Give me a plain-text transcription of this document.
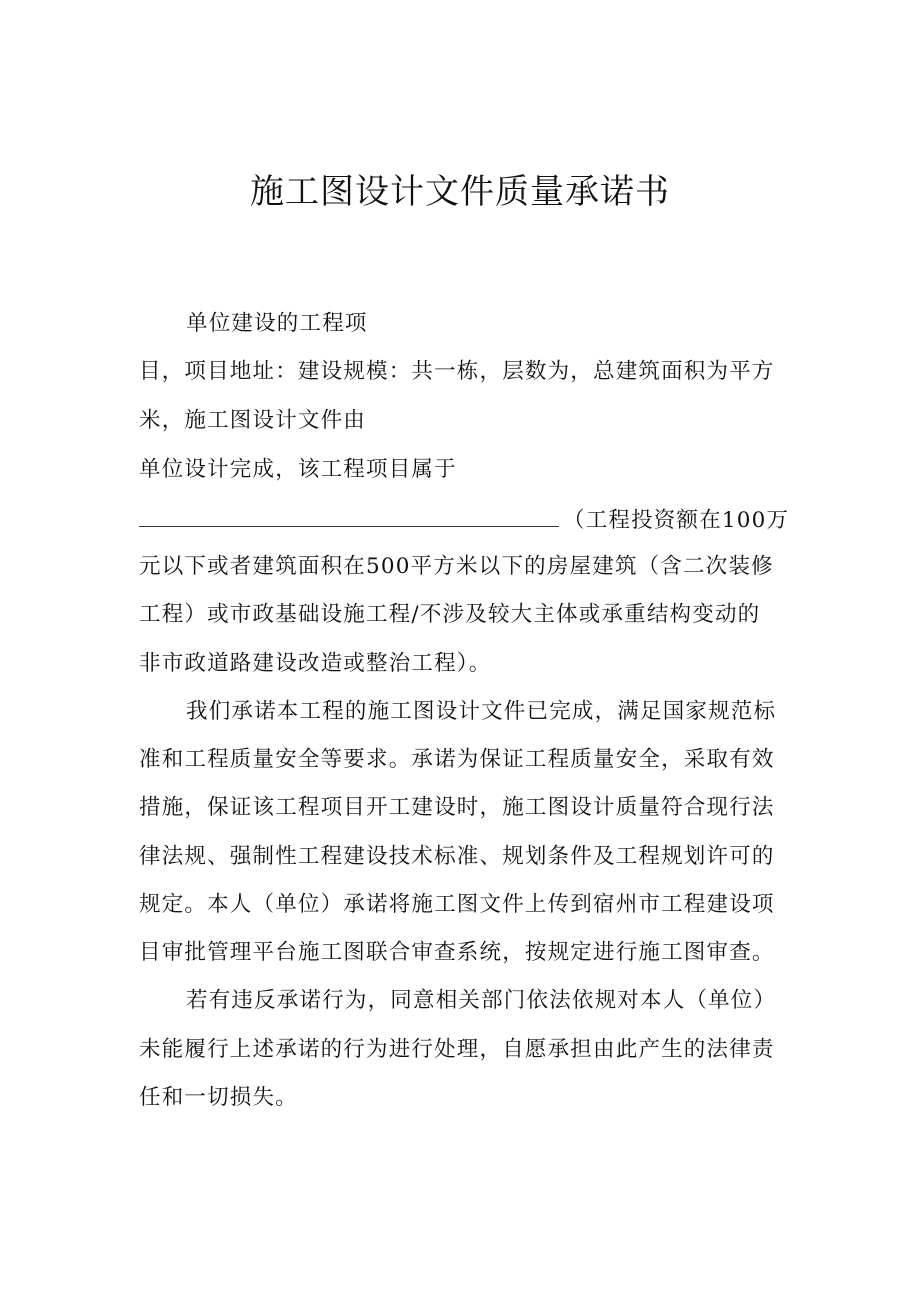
施工图设计文件质量承诺书
单位建设的工程项
目，项目地址：建设规模：共一栋，层数为，总建筑面积为平方
米，施工图设计文件由
单位设计完成，该工程项目属于
（工程投资额在100万
元以下或者建筑面积在500平方米以下的房屋建筑（含二次装修
工程）或市政基础设施工程/不涉及较大主体或承重结构变动的
非市政道路建设改造或整治工程）。
我们承诺本工程的施工图设计文件已完成，满足国家规范标
准和工程质量安全等要求。承诺为保证工程质量安全，采取有效
措施，保证该工程项目开工建设时，施工图设计质量符合现行法
律法规、强制性工程建设技术标准、规划条件及工程规划许可的
规定。本人（单位）承诺将施工图文件上传到宿州市工程建设项
目审批管理平台施工图联合审查系统，按规定进行施工图审查。
若有违反承诺行为，同意相关部门依法依规对本人（单位）
未能履行上述承诺的行为进行处理，自愿承担由此产生的法律责
任和一切损失。
